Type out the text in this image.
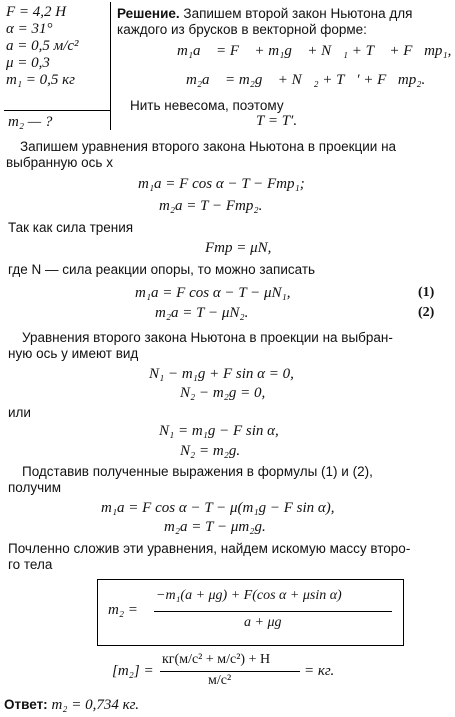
F = 4,2 Н
α = 31°
a = 0,5 м/с²
μ = 0,3
m₁ = 0,5 кг
m₂ — ?
Решение. Запишем второй закон Ньютона для
каждого из брусков в векторной форме:
m₁a⃗ = F⃗ + m₁g⃗ + N⃗₁ + T⃗ + F⃗тр₁,
m₂a⃗ = m₂g⃗ + N⃗₂ + T⃗′ + F⃗тр₂.
Нить невесома, поэтому
T = T′.
Запишем уравнения второго закона Ньютона в проекции на
выбранную ось x
m₁a = F cos α − T − Fтр₁;
m₂a = T − Fтр₂.
Так как сила трения
Fтр = μN,
где N — сила реакции опоры, то можно записать
m₁a = F cos α − T − μN₁,	(1)
m₂a = T − μN₂.	(2)
Уравнения второго закона Ньютона в проекции на выбран-
ную ось y имеют вид
N₁ − m₁g + F sin α = 0,
N₂ − m₂g = 0,
или
N₁ = m₁g − F sin α,
N₂ = m₂g.
Подставив полученные выражения в формулы (1) и (2),
получим
m₁a = F cos α − T − μ(m₁g − F sin α),
m₂a = T − μm₂g.
Почленно сложив эти уравнения, найдем искомую массу второ-
го тела
m₂ =
−m₁(a + μg) + F(cos α + μsin α)
a + μg
[m₂] =
кг(м/с² + м/с²) + Н
м/с²
= кг.
Ответ: m₂ = 0,734 кг.
